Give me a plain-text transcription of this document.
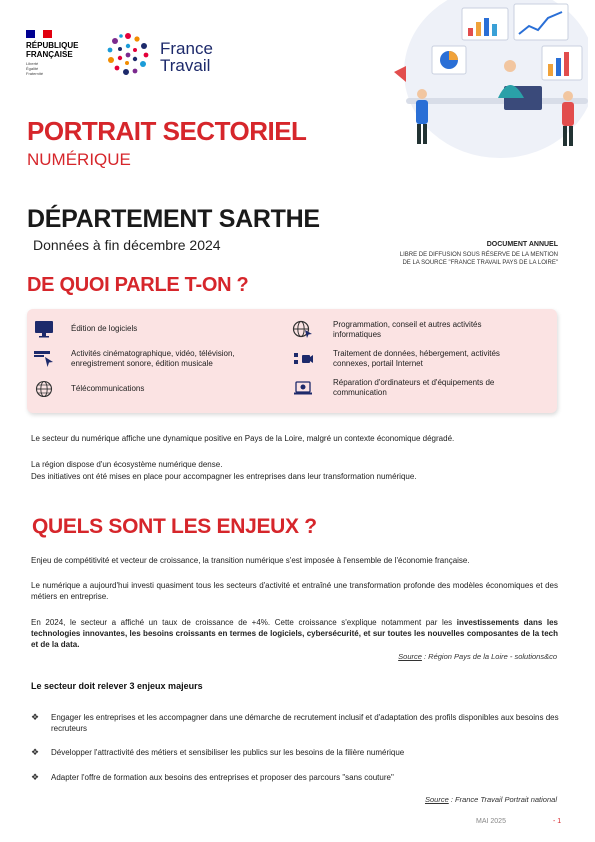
RÉPUBLIQUE
FRANÇAISE
Liberté
Égalité
Fraternité
France
Travail
PORTRAIT SECTORIEL
NUMÉRIQUE
DÉPARTEMENT SARTHE
Données à fin décembre 2024	DOCUMENT ANNUEL
LIBRE DE DIFFUSION SOUS RÉSERVE DE LA MENTION
DE LA SOURCE "FRANCE TRAVAIL PAYS DE LA LOIRE"
DE QUOI PARLE T-ON ?
Édition de logiciels	Programmation, conseil et autres activités
informatiques
Activités cinématographique, vidéo, télévision,
enregistrement sonore, édition musicale
Traitement de données, hébergement, activités
connexes, portail Internet
Télécommunications
Réparation d'ordinateurs et d'équipements de
communication
Le secteur du numérique affiche une dynamique positive en Pays de la Loire, malgré un contexte économique dégradé.
La région dispose d'un écosystème numérique dense.
Des initiatives ont été mises en place pour accompagner les entreprises dans leur transformation numérique.
QUELS SONT LES ENJEUX ?
Enjeu de compétitivité et vecteur de croissance, la transition numérique s'est imposée à l'ensemble de l'économie française.
Le numérique a aujourd'hui investi quasiment tous les secteurs d'activité et entraîné une transformation profonde des modèles économiques et des métiers en entreprise.
En 2024, le secteur a affiché un taux de croissance de +4%. Cette croissance s'explique notamment par les investissements dans les technologies innovantes, les besoins croissants en termes de logiciels, cybersécurité, et sur toutes les nouvelles composantes de la tech et de la data.
Source : Région Pays de la Loire - solutions&co
Le secteur doit relever 3 enjeux majeurs
❖	Engager les entreprises et les accompagner dans une démarche de recrutement inclusif et d'adaptation des profils disponibles aux besoins des recruteurs
❖	Développer l'attractivité des métiers et sensibiliser les publics sur les besoins de la filière numérique
❖	Adapter l'offre de formation aux besoins des entreprises et proposer des parcours "sans couture"
Source : France Travail Portrait national
MAI 2025	- 1
